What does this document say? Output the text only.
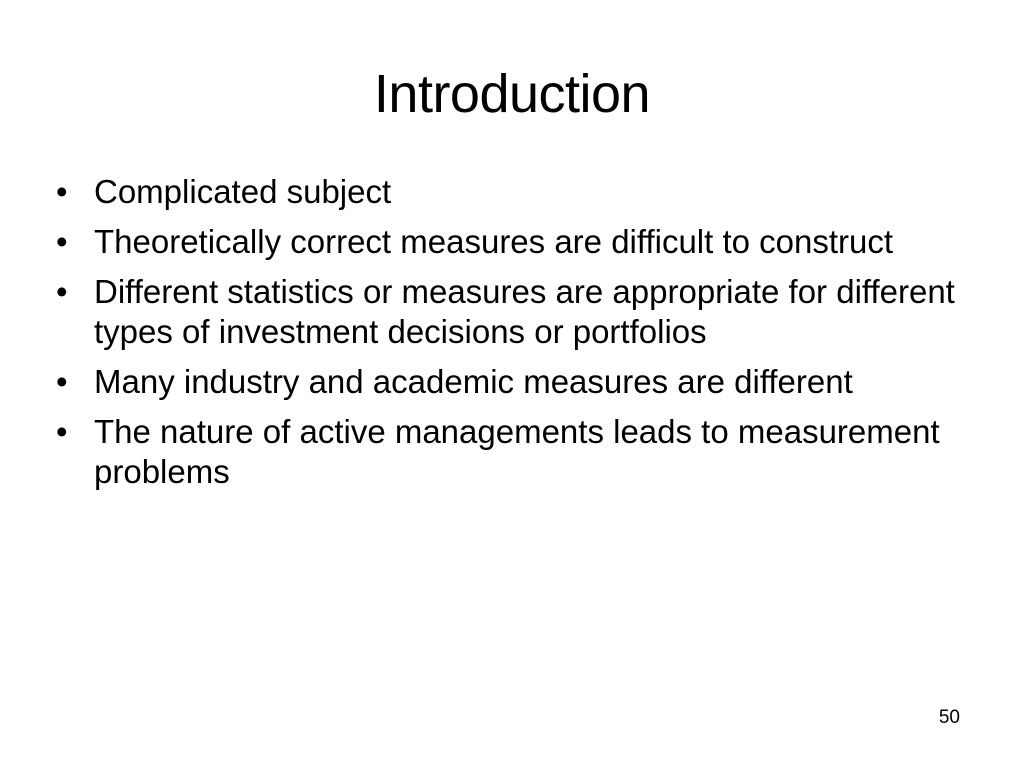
Introduction
• Complicated subject
• Theoretically correct measures are difficult to construct
• Different statistics or measures are appropriate for different types of investment decisions or portfolios
• Many industry and academic measures are different
• The nature of active managements leads to measurement problems
50
